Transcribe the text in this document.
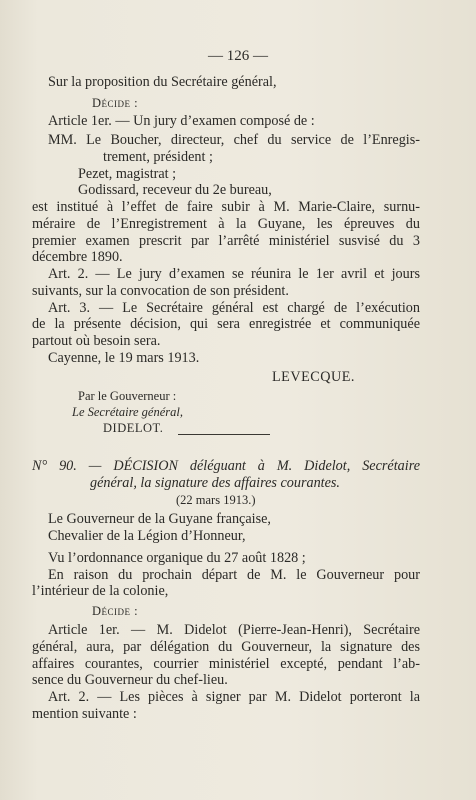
— 126 —
Sur la proposition du Secrétaire général,
Décide :
Article 1er. — Un jury d’examen composé de :
MM. Le Boucher, directeur, chef du service de l’Enregis-
trement, président ;
Pezet, magistrat ;
Godissard, receveur du 2e bureau,
est institué à l’effet de faire subir à M. Marie-Claire, surnu-
méraire de l’Enregistrement à la Guyane, les épreuves du
premier examen prescrit par l’arrêté ministériel susvisé du 3
décembre 1890.
Art. 2. — Le jury d’examen se réunira le 1er avril et jours
suivants, sur la convocation de son président.
Art. 3. — Le Secrétaire général est chargé de l’exécution
de la présente décision, qui sera enregistrée et communiquée
partout où besoin sera.
Cayenne, le 19 mars 1913.
LEVECQUE.
Par le Gouverneur :
Le Secrétaire général,
DIDELOT.
N° 90. — DÉCISION déléguant à M. Didelot, Secrétaire
général, la signature des affaires courantes.
(22 mars 1913.)
Le Gouverneur de la Guyane française,
Chevalier de la Légion d’Honneur,
Vu l’ordonnance organique du 27 août 1828 ;
En raison du prochain départ de M. le Gouverneur pour
l’intérieur de la colonie,
Décide :
Article 1er. — M. Didelot (Pierre-Jean-Henri), Secrétaire
général, aura, par délégation du Gouverneur, la signature des
affaires courantes, courrier ministériel excepté, pendant l’ab-
sence du Gouverneur du chef-lieu.
Art. 2. — Les pièces à signer par M. Didelot porteront la
mention suivante :
